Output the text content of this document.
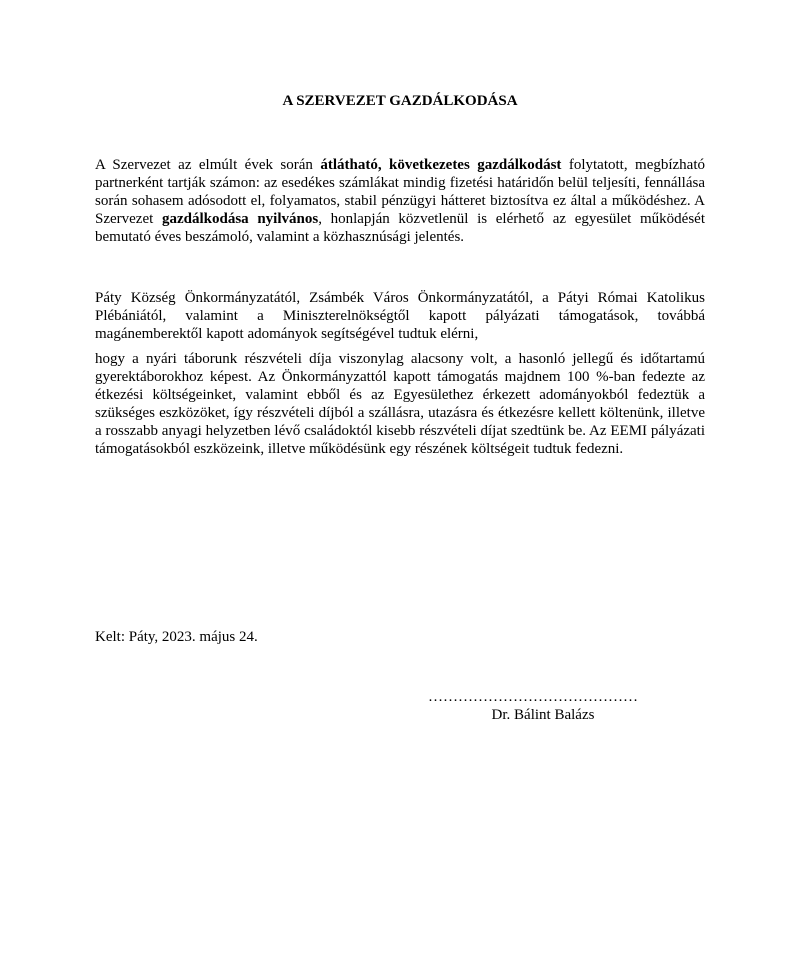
A SZERVEZET GAZDÁLKODÁSA

A Szervezet az elmúlt évek során átlátható, következetes gazdálkodást folytatott, megbízható partnerként tartják számon: az esedékes számlákat mindig fizetési határidőn belül teljesíti, fennállása során sohasem adósodott el, folyamatos, stabil pénzügyi hátteret biztosítva ez által a működéshez. A Szervezet gazdálkodása nyilvános, honlapján közvetlenül is elérhető az egyesület működését bemutató éves beszámoló, valamint a közhasznúsági jelentés.

Páty Község Önkormányzatától, Zsámbék Város Önkormányzatától, a Pátyi Római Katolikus Plébániától, valamint a Miniszterelnökségtől kapott pályázati támogatások, továbbá magánemberektől kapott adományok segítségével tudtuk elérni,

hogy a nyári táborunk részvételi díja viszonylag alacsony volt, a hasonló jellegű és időtartamú gyerektáborokhoz képest. Az Önkormányzattól kapott támogatás majdnem 100 %-ban fedezte az étkezési költségeinket, valamint ebből és az Egyesülethez érkezett adományokból fedeztük a szükséges eszközöket, így részvételi díjból a szállásra, utazásra és étkezésre kellett költenünk, illetve a rosszabb anyagi helyzetben lévő családoktól kisebb részvételi díjat szedtünk be. Az EEMI pályázati támogatásokból eszközeink, illetve működésünk egy részének költségeit tudtuk fedezni.

Kelt: Páty, 2023. május 24.
……………………………………
Dr. Bálint Balázs
